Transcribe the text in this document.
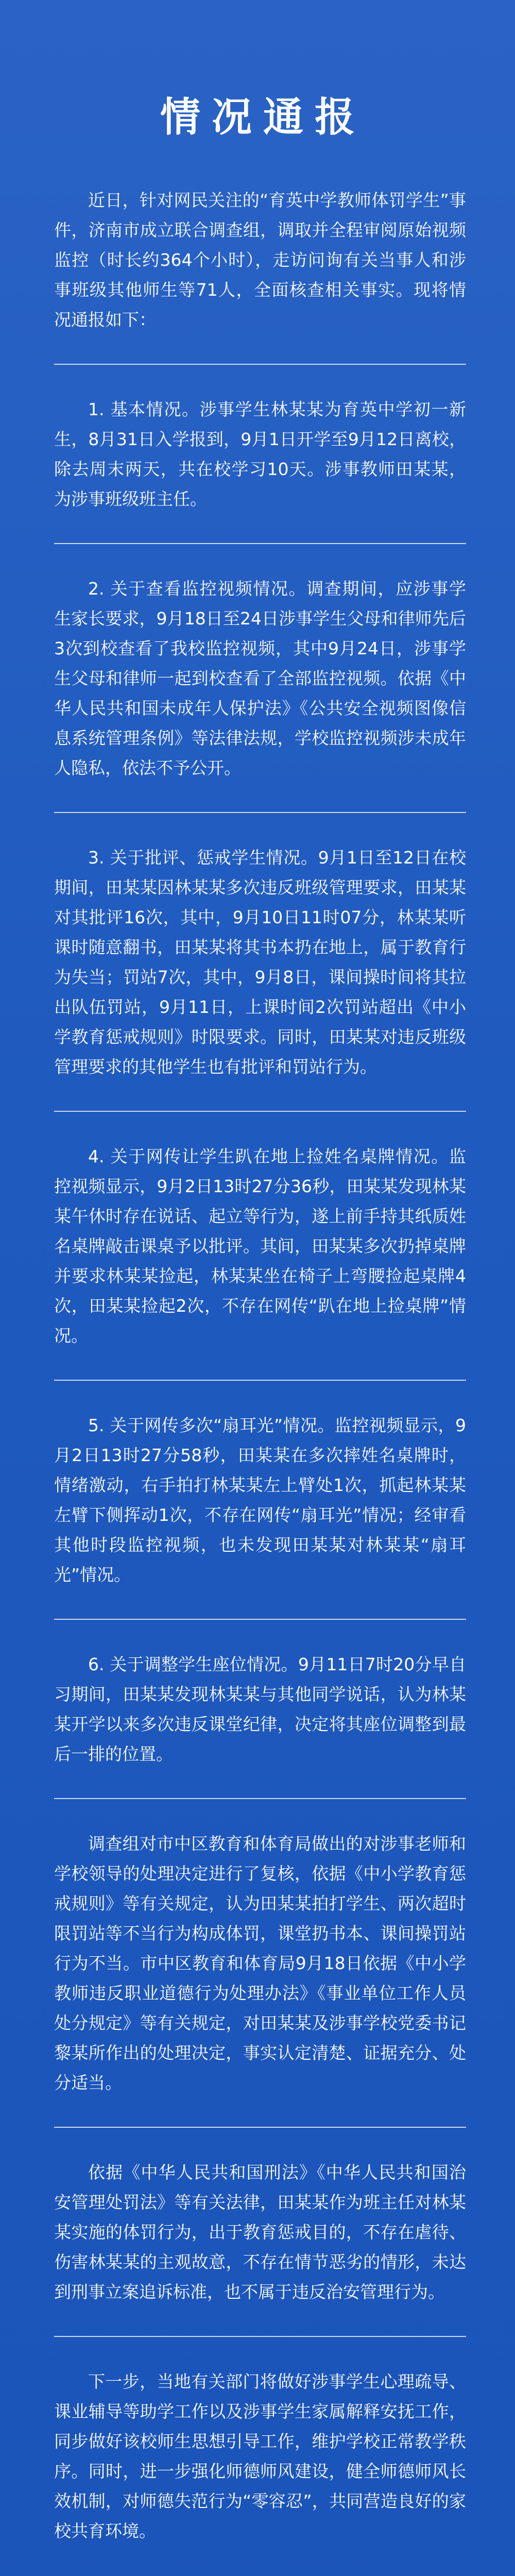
情况通报

近日，针对网民关注的“育英中学教师体罚学生”事件，济南市成立联合调查组，调取并全程审阅原始视频监控（时长约364个小时），走访问询有关当事人和涉事班级其他师生等71人，全面核查相关事实。现将情况通报如下：

1. 基本情况。涉事学生林某某为育英中学初一新生，8月31日入学报到，9月1日开学至9月12日离校，除去周末两天，共在校学习10天。涉事教师田某某，为涉事班级班主任。

2. 关于查看监控视频情况。调查期间，应涉事学生家长要求，9月18日至24日涉事学生父母和律师先后3次到校查看了我校监控视频，其中9月24日，涉事学生父母和律师一起到校查看了全部监控视频。依据《中华人民共和国未成年人保护法》《公共安全视频图像信息系统管理条例》等法律法规，学校监控视频涉未成年人隐私，依法不予公开。

3. 关于批评、惩戒学生情况。9月1日至12日在校期间，田某某因林某某多次违反班级管理要求，田某某对其批评16次，其中，9月10日11时07分，林某某听课时随意翻书，田某某将其书本扔在地上，属于教育行为失当；罚站7次，其中，9月8日，课间操时间将其拉出队伍罚站，9月11日，上课时间2次罚站超出《中小学教育惩戒规则》时限要求。同时，田某某对违反班级管理要求的其他学生也有批评和罚站行为。

4. 关于网传让学生趴在地上捡姓名桌牌情况。监控视频显示，9月2日13时27分36秒，田某某发现林某某午休时存在说话、起立等行为，遂上前手持其纸质姓名桌牌敲击课桌予以批评。其间，田某某多次扔掉桌牌并要求林某某捡起，林某某坐在椅子上弯腰捡起桌牌4次，田某某捡起2次，不存在网传“趴在地上捡桌牌”情况。

5. 关于网传多次“扇耳光”情况。监控视频显示，9月2日13时27分58秒，田某某在多次摔姓名桌牌时，情绪激动，右手拍打林某某左上臂处1次，抓起林某某左臂下侧挥动1次，不存在网传“扇耳光”情况；经审看其他时段监控视频，也未发现田某某对林某某“扇耳光”情况。

6. 关于调整学生座位情况。9月11日7时20分早自习期间，田某某发现林某某与其他同学说话，认为林某某开学以来多次违反课堂纪律，决定将其座位调整到最后一排的位置。

调查组对市中区教育和体育局做出的对涉事老师和学校领导的处理决定进行了复核，依据《中小学教育惩戒规则》等有关规定，认为田某某拍打学生、两次超时限罚站等不当行为构成体罚，课堂扔书本、课间操罚站行为不当。市中区教育和体育局9月18日依据《中小学教师违反职业道德行为处理办法》《事业单位工作人员处分规定》等有关规定，对田某某及涉事学校党委书记黎某所作出的处理决定，事实认定清楚、证据充分、处分适当。

依据《中华人民共和国刑法》《中华人民共和国治安管理处罚法》等有关法律，田某某作为班主任对林某某实施的体罚行为，出于教育惩戒目的，不存在虐待、伤害林某某的主观故意，不存在情节恶劣的情形，未达到刑事立案追诉标准，也不属于违反治安管理行为。

下一步，当地有关部门将做好涉事学生心理疏导、课业辅导等助学工作以及涉事学生家属解释安抚工作，同步做好该校师生思想引导工作，维护学校正常教学秩序。同时，进一步强化师德师风建设，健全师德师风长效机制，对师德失范行为“零容忍”，共同营造良好的家校共育环境。
